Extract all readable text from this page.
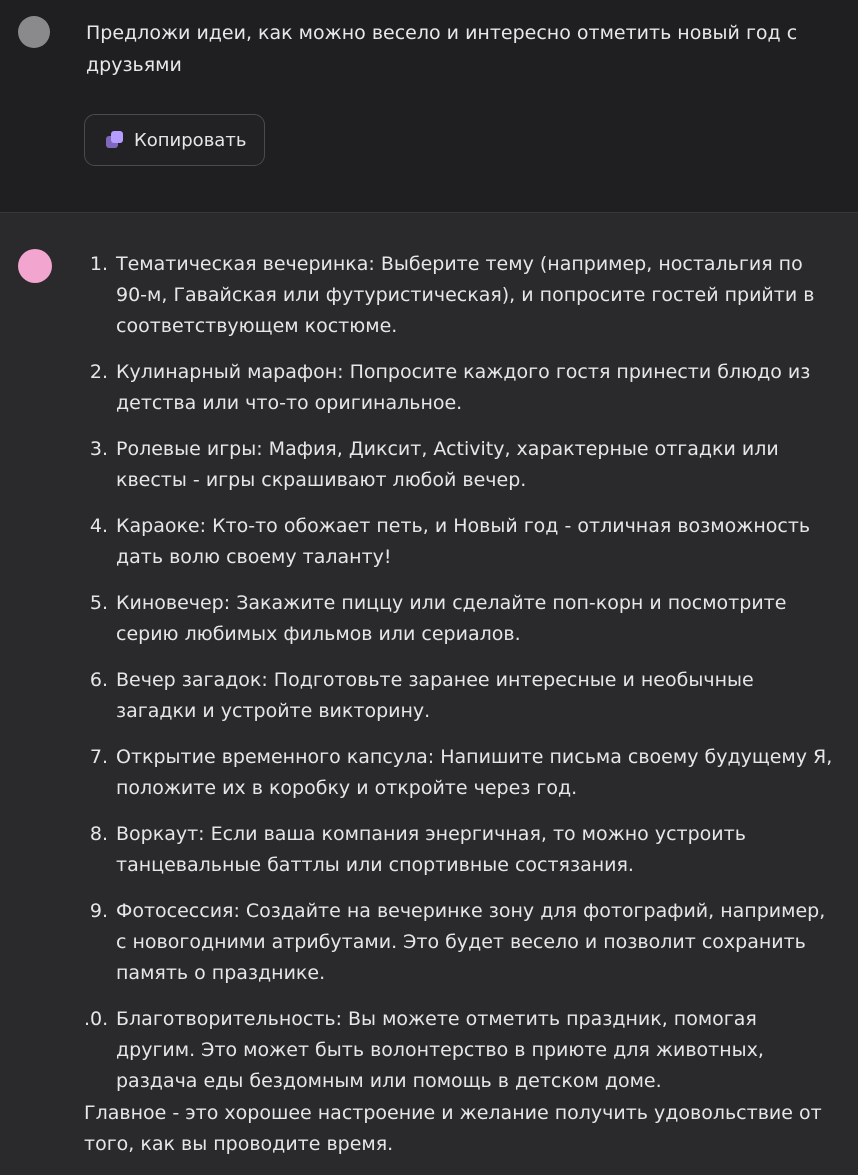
Предложи идеи, как можно весело и интересно отметить новый год с друзьями
Копировать
1. Тематическая вечеринка: Выберите тему (например, ностальгия по 90-м, Гавайская или футуристическая), и попросите гостей прийти в соответствующем костюме.
2. Кулинарный марафон: Попросите каждого гостя принести блюдо из детства или что-то оригинальное.
3. Ролевые игры: Мафия, Диксит, Activity, характерные отгадки или квесты - игры скрашивают любой вечер.
4. Караоке: Кто-то обожает петь, и Новый год - отличная возможность дать волю своему таланту!
5. Киновечер: Закажите пиццу или сделайте поп-корн и посмотрите серию любимых фильмов или сериалов.
6. Вечер загадок: Подготовьте заранее интересные и необычные загадки и устройте викторину.
7. Открытие временного капсула: Напишите письма своему будущему Я, положите их в коробку и откройте через год.
8. Воркаут: Если ваша компания энергичная, то можно устроить танцевальные баттлы или спортивные состязания.
9. Фотосессия: Создайте на вечеринке зону для фотографий, например, с новогодними атрибутами. Это будет весело и позволит сохранить память о празднике.
.0. Благотворительность: Вы можете отметить праздник, помогая другим. Это может быть волонтерство в приюте для животных, раздача еды бездомным или помощь в детском доме.
Главное - это хорошее настроение и желание получить удовольствие от того, как вы проводите время.
